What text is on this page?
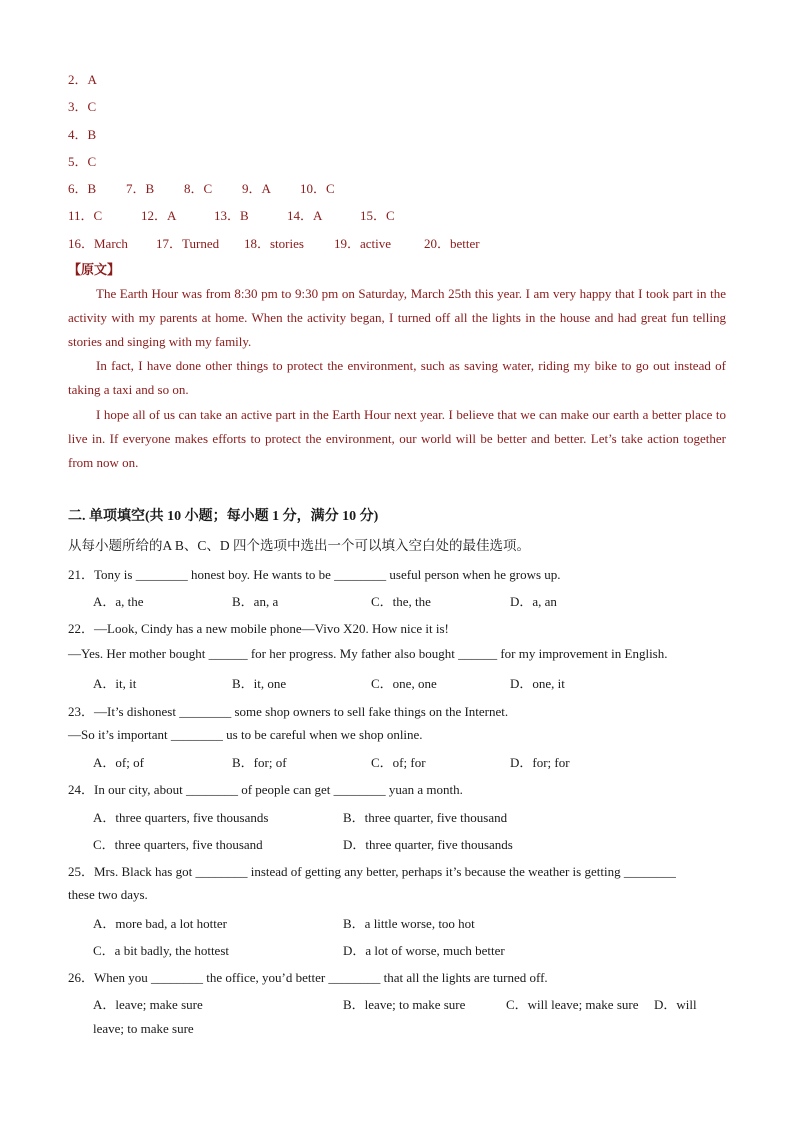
2．A
3．C
4．B
5．C
6．B 7．B 8．C 9．A 10．C
11．C	12．A	13．B	14．A	15．C
16．March 17．Turned 18．stories 19．active	20．better
【原文】
The Earth Hour was from 8:30 pm to 9:30 pm on Saturday, March 25th this year. I am very happy that I took part in the activity with my parents at home. When the activity began, I turned off all the lights in the house and had great fun telling stories and singing with my family.
In fact, I have done other things to protect the environment, such as saving water, riding my bike to go out instead of taking a taxi and so on.
I hope all of us can take an active part in the Earth Hour next year. I believe that we can make our earth a better place to live in. If everyone makes efforts to protect the environment, our world will be better and better. Let’s take action together from now on.
二. 单项填空(共 10 小题；每小题 1 分，满分 10 分)
从每小题所给的A B、C、D 四个选项中选出一个可以填入空白处的最佳选项。
21．Tony is ________ honest boy. He wants to be ________ useful person when he grows up.
A．a, the	B．an, a	C．the, the	D．a, an
22．—Look, Cindy has a new mobile phone—Vivo X20. How nice it is!
—Yes. Her mother bought ______ for her progress. My father also bought ______ for my improvement in English.
A．it, it	B．it, one	C．one, one	D．one, it
23．—It’s dishonest ________ some shop owners to sell fake things on the Internet.
—So it’s important ________ us to be careful when we shop online.
A．of; of	B．for; of	C．of; for	D．for; for
24．In our city, about ________ of people can get ________ yuan a month.
A．three quarters, five thousands	B．three quarter, five thousand
C．three quarters, five thousand	D．three quarter, five thousands
25．Mrs. Black has got ________ instead of getting any better, perhaps it’s because the weather is getting ________
these two days.
A．more bad, a lot hotter	B．a little worse, too hot
C．a bit badly, the hottest	D．a lot of worse, much better
26．When you ________ the office, you’d better ________ that all the lights are turned off.
A．leave; make sure	B．leave; to make sure	C．will leave; make sure D．will
leave; to make sure
